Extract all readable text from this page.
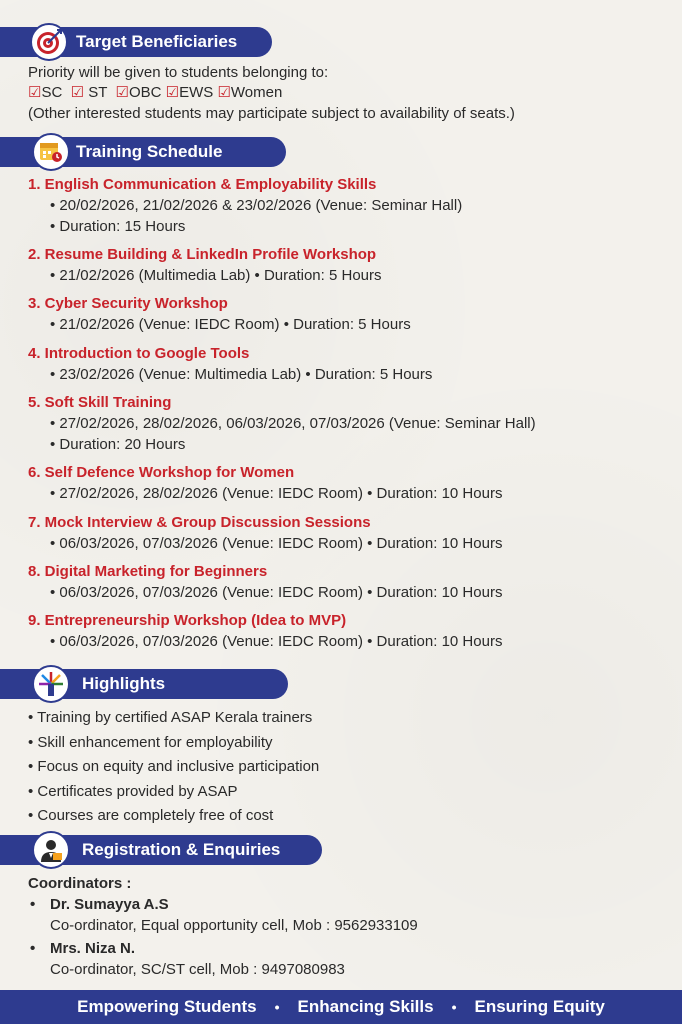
Target Beneficiaries
Priority will be given to students belonging to:
☑SC ☑ ST ☑OBC ☑EWS ☑Women
(Other interested students may participate subject to availability of seats.)
Training Schedule
1. English Communication & Employability Skills
• 20/02/2026, 21/02/2026 & 23/02/2026 (Venue: Seminar Hall)
• Duration: 15 Hours
2. Resume Building & LinkedIn Profile Workshop
• 21/02/2026 (Multimedia Lab) • Duration: 5 Hours
3. Cyber Security Workshop
• 21/02/2026 (Venue: IEDC Room) • Duration: 5 Hours
4. Introduction to Google Tools
• 23/02/2026 (Venue: Multimedia Lab) • Duration: 5 Hours
5. Soft Skill Training
• 27/02/2026, 28/02/2026, 06/03/2026, 07/03/2026 (Venue: Seminar Hall)
• Duration: 20 Hours
6. Self Defence Workshop for Women
• 27/02/2026, 28/02/2026 (Venue: IEDC Room) • Duration: 10 Hours
7. Mock Interview & Group Discussion Sessions
• 06/03/2026, 07/03/2026 (Venue: IEDC Room) • Duration: 10 Hours
8. Digital Marketing for Beginners
• 06/03/2026, 07/03/2026 (Venue: IEDC Room) • Duration: 10 Hours
9. Entrepreneurship Workshop (Idea to MVP)
• 06/03/2026, 07/03/2026 (Venue: IEDC Room) • Duration: 10 Hours
Highlights
• Training by certified ASAP Kerala trainers
• Skill enhancement for employability
• Focus on equity and inclusive participation
• Certificates provided by ASAP
• Courses are completely free of cost
Registration & Enquiries
Coordinators :
• Dr. Sumayya A.S
Co-ordinator, Equal opportunity cell, Mob : 9562933109
• Mrs. Niza N.
Co-ordinator, SC/ST cell, Mob : 9497080983
Empowering Students • Enhancing Skills • Ensuring Equity
